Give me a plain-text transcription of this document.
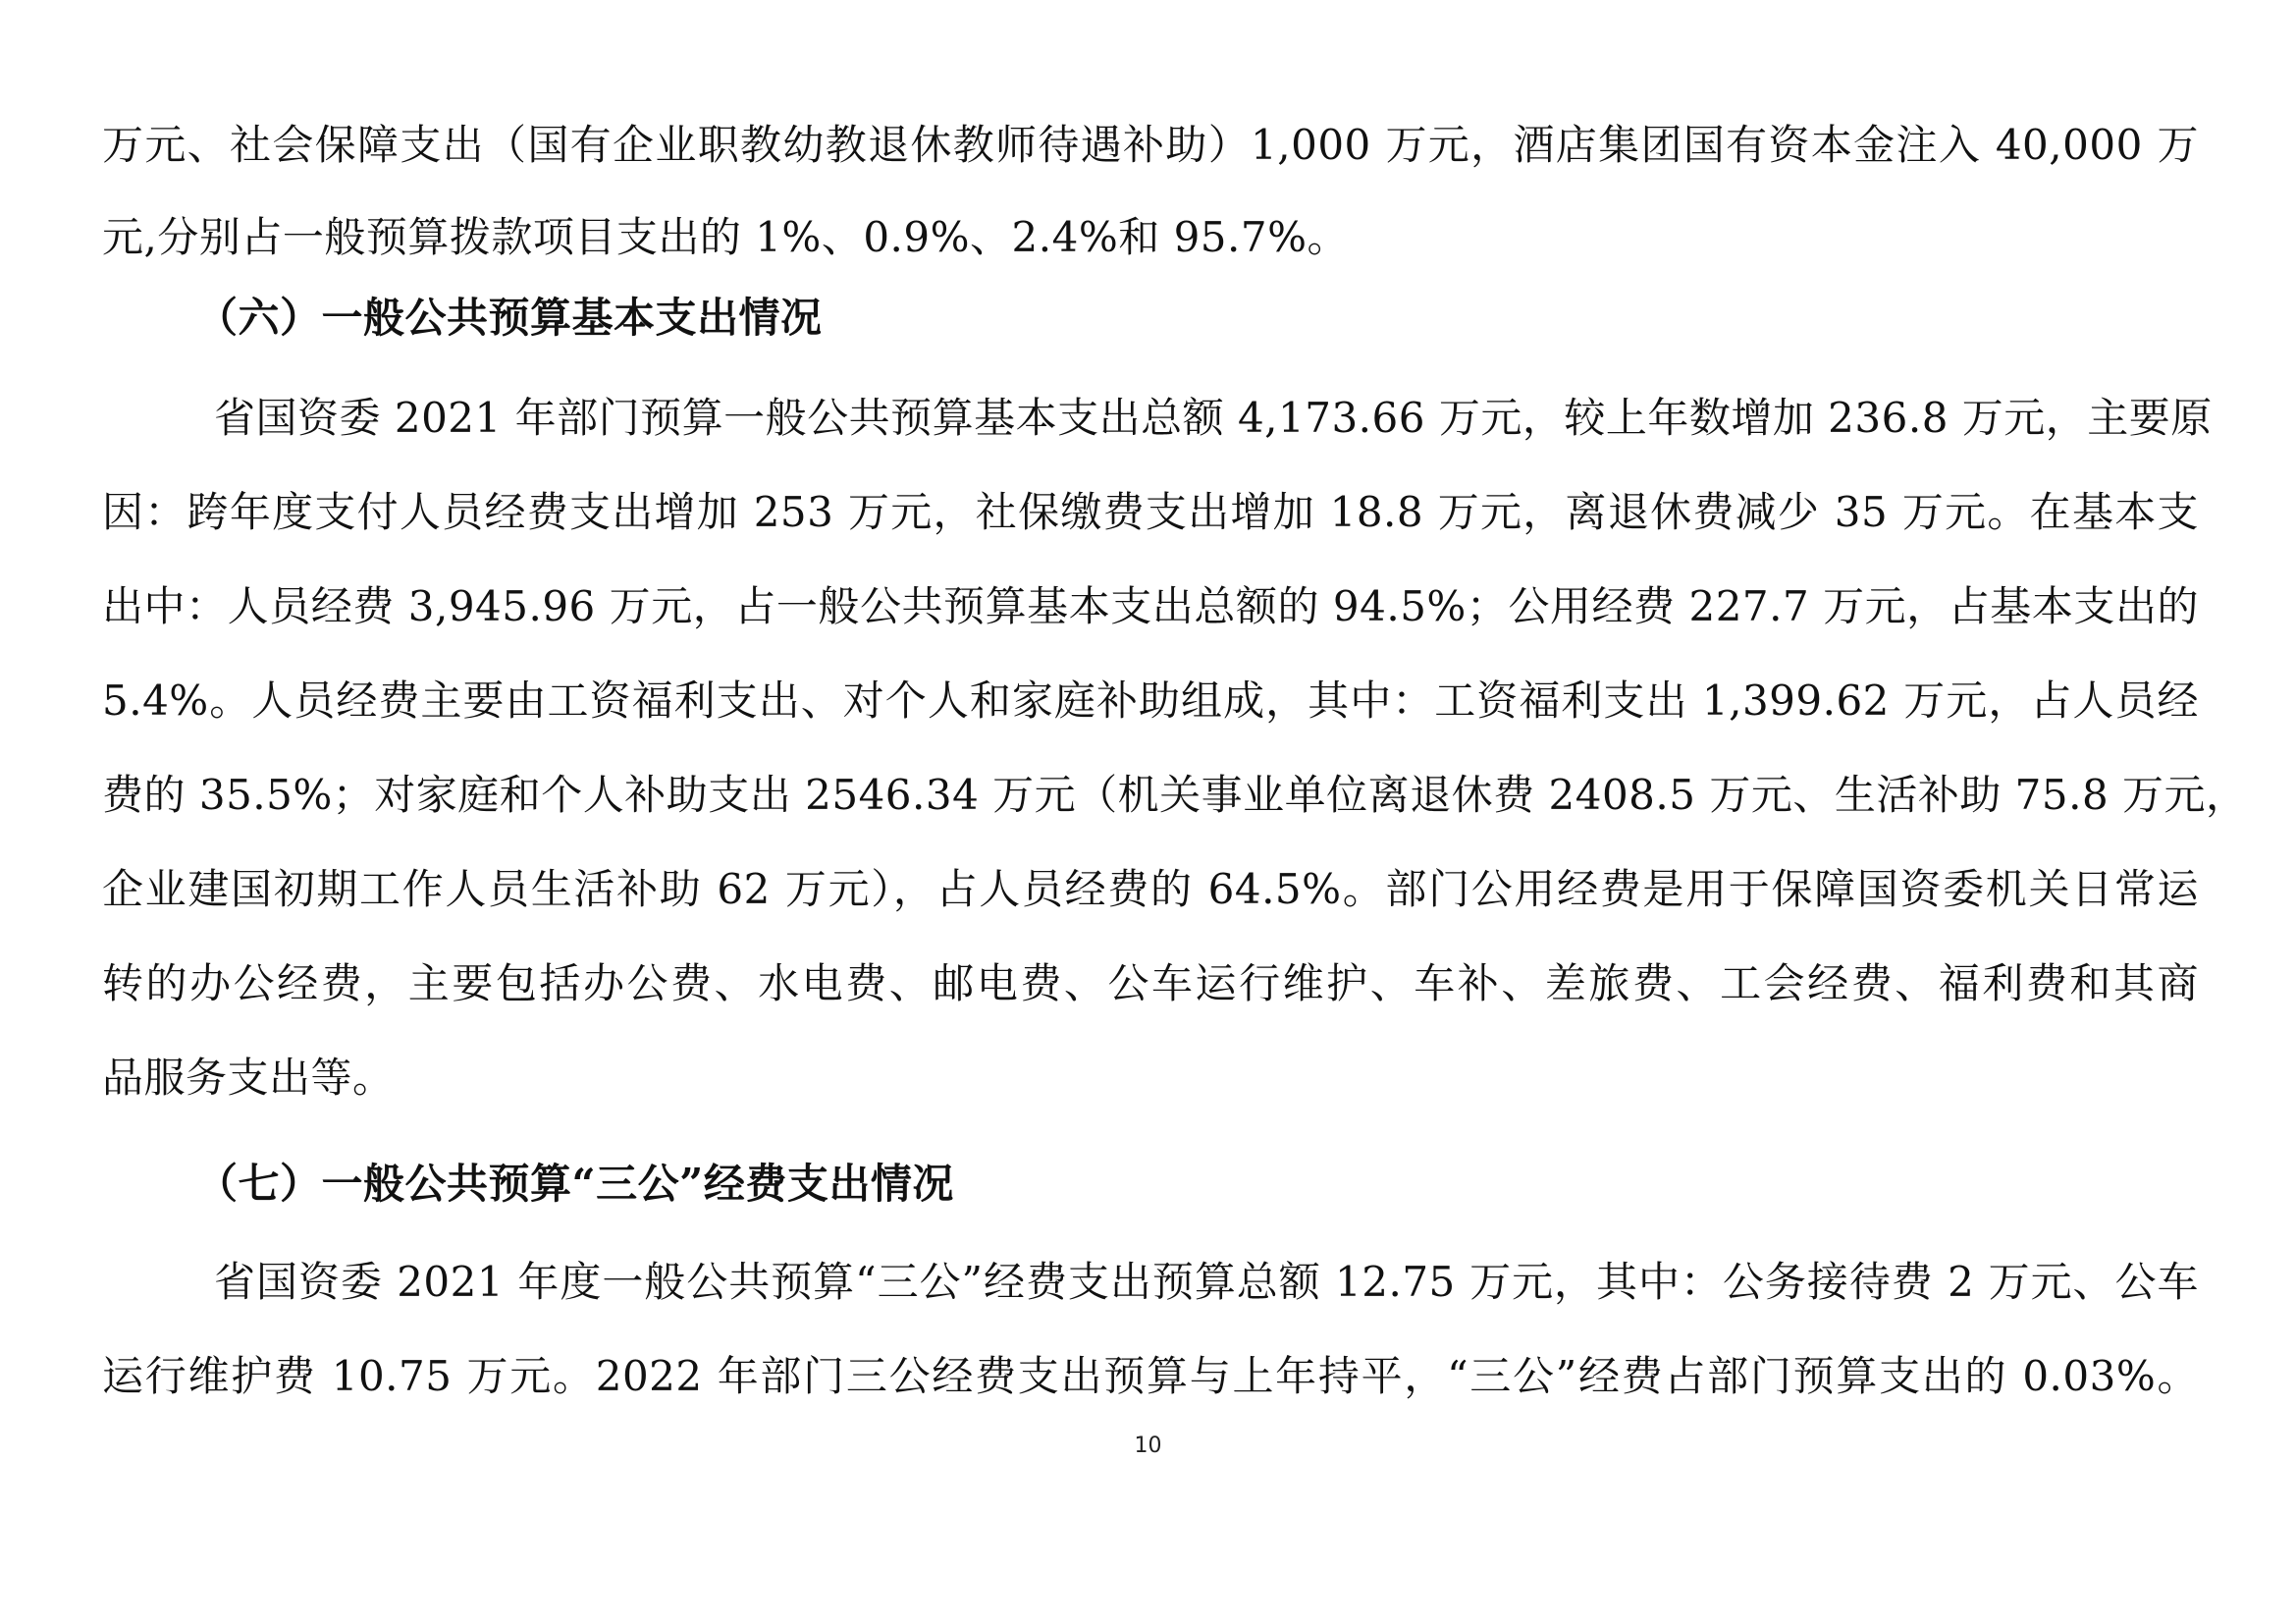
万元、社会保障支出（国有企业职教幼教退休教师待遇补助）1,000 万元，酒店集团国有资本金注入 40,000 万
元,分别占一般预算拨款项目支出的 1%、0.9%、2.4%和 95.7%。
（六）一般公共预算基本支出情况
省国资委 2021 年部门预算一般公共预算基本支出总额 4,173.66 万元，较上年数增加 236.8 万元，主要原
因：跨年度支付人员经费支出增加 253 万元，社保缴费支出增加 18.8 万元，离退休费减少 35 万元。在基本支
出中：人员经费 3,945.96 万元，占一般公共预算基本支出总额的 94.5%；公用经费 227.7 万元，占基本支出的
5.4%。人员经费主要由工资福利支出、对个人和家庭补助组成，其中：工资福利支出 1,399.62 万元，占人员经
费的 35.5%；对家庭和个人补助支出 2546.34 万元（机关事业单位离退休费 2408.5 万元、生活补助 75.8 万元，
企业建国初期工作人员生活补助 62 万元），占人员经费的 64.5%。部门公用经费是用于保障国资委机关日常运
转的办公经费，主要包括办公费、水电费、邮电费、公车运行维护、车补、差旅费、工会经费、福利费和其商
品服务支出等。
（七）一般公共预算“三公”经费支出情况
省国资委 2021 年度一般公共预算“三公”经费支出预算总额 12.75 万元，其中：公务接待费 2 万元、公车
运行维护费 10.75 万元。2022 年部门三公经费支出预算与上年持平，“三公”经费占部门预算支出的 0.03%。
10
